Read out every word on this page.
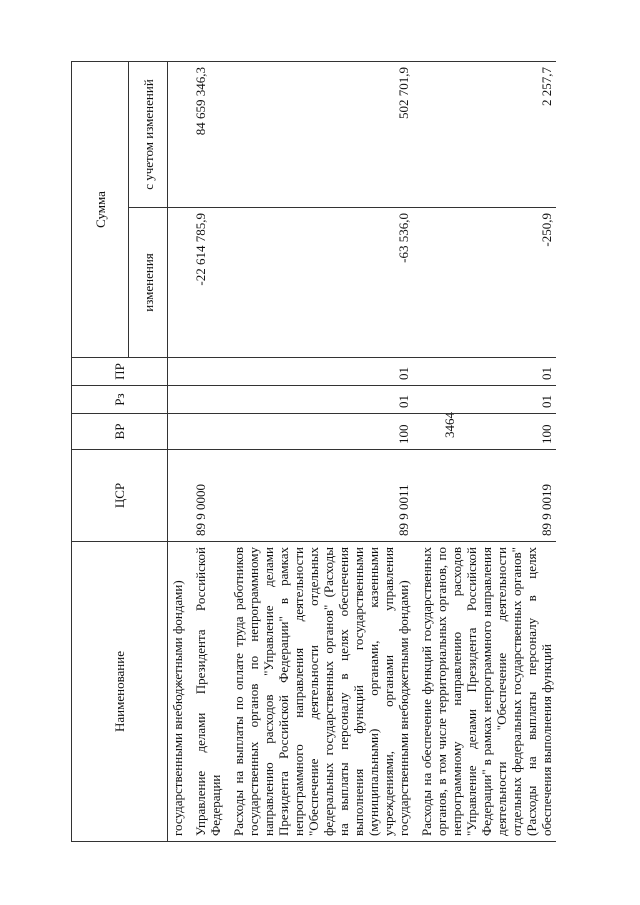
3464
Наименование	ЦСР	ВР	Рз	ПР	Сумма	
					изменения	с учетом изменений
государственными внебюджетными фондами)						
Управление делами Президента Российской Федерации	89 9 0000				-22 614 785,9	84 659 346,3
Расходы на выплаты по оплате труда работников государственных органов по непрограммному направлению расходов "Управление делами Президента Российской Федерации" в рамках непрограммного направления деятельности "Обеспечение деятельности отдельных федеральных государственных органов" (Расходы на выплаты персоналу в целях обеспечения выполнения функций государственными (муниципальными) органами, казенными учреждениями, органами управления государственными внебюджетными фондами)	89 9 0011	100	01	01	-63 536,0	502 701,9
Расходы на обеспечение функций государственных органов, в том числе территориальных органов, по непрограммному направлению расходов "Управление делами Президента Российской Федерации" в рамках непрограммного направления деятельности "Обеспечение деятельности отдельных федеральных государственных органов" (Расходы на выплаты персоналу в целях обеспечения выполнения функций	89 9 0019	100	01	01	-250,9	2 257,7
